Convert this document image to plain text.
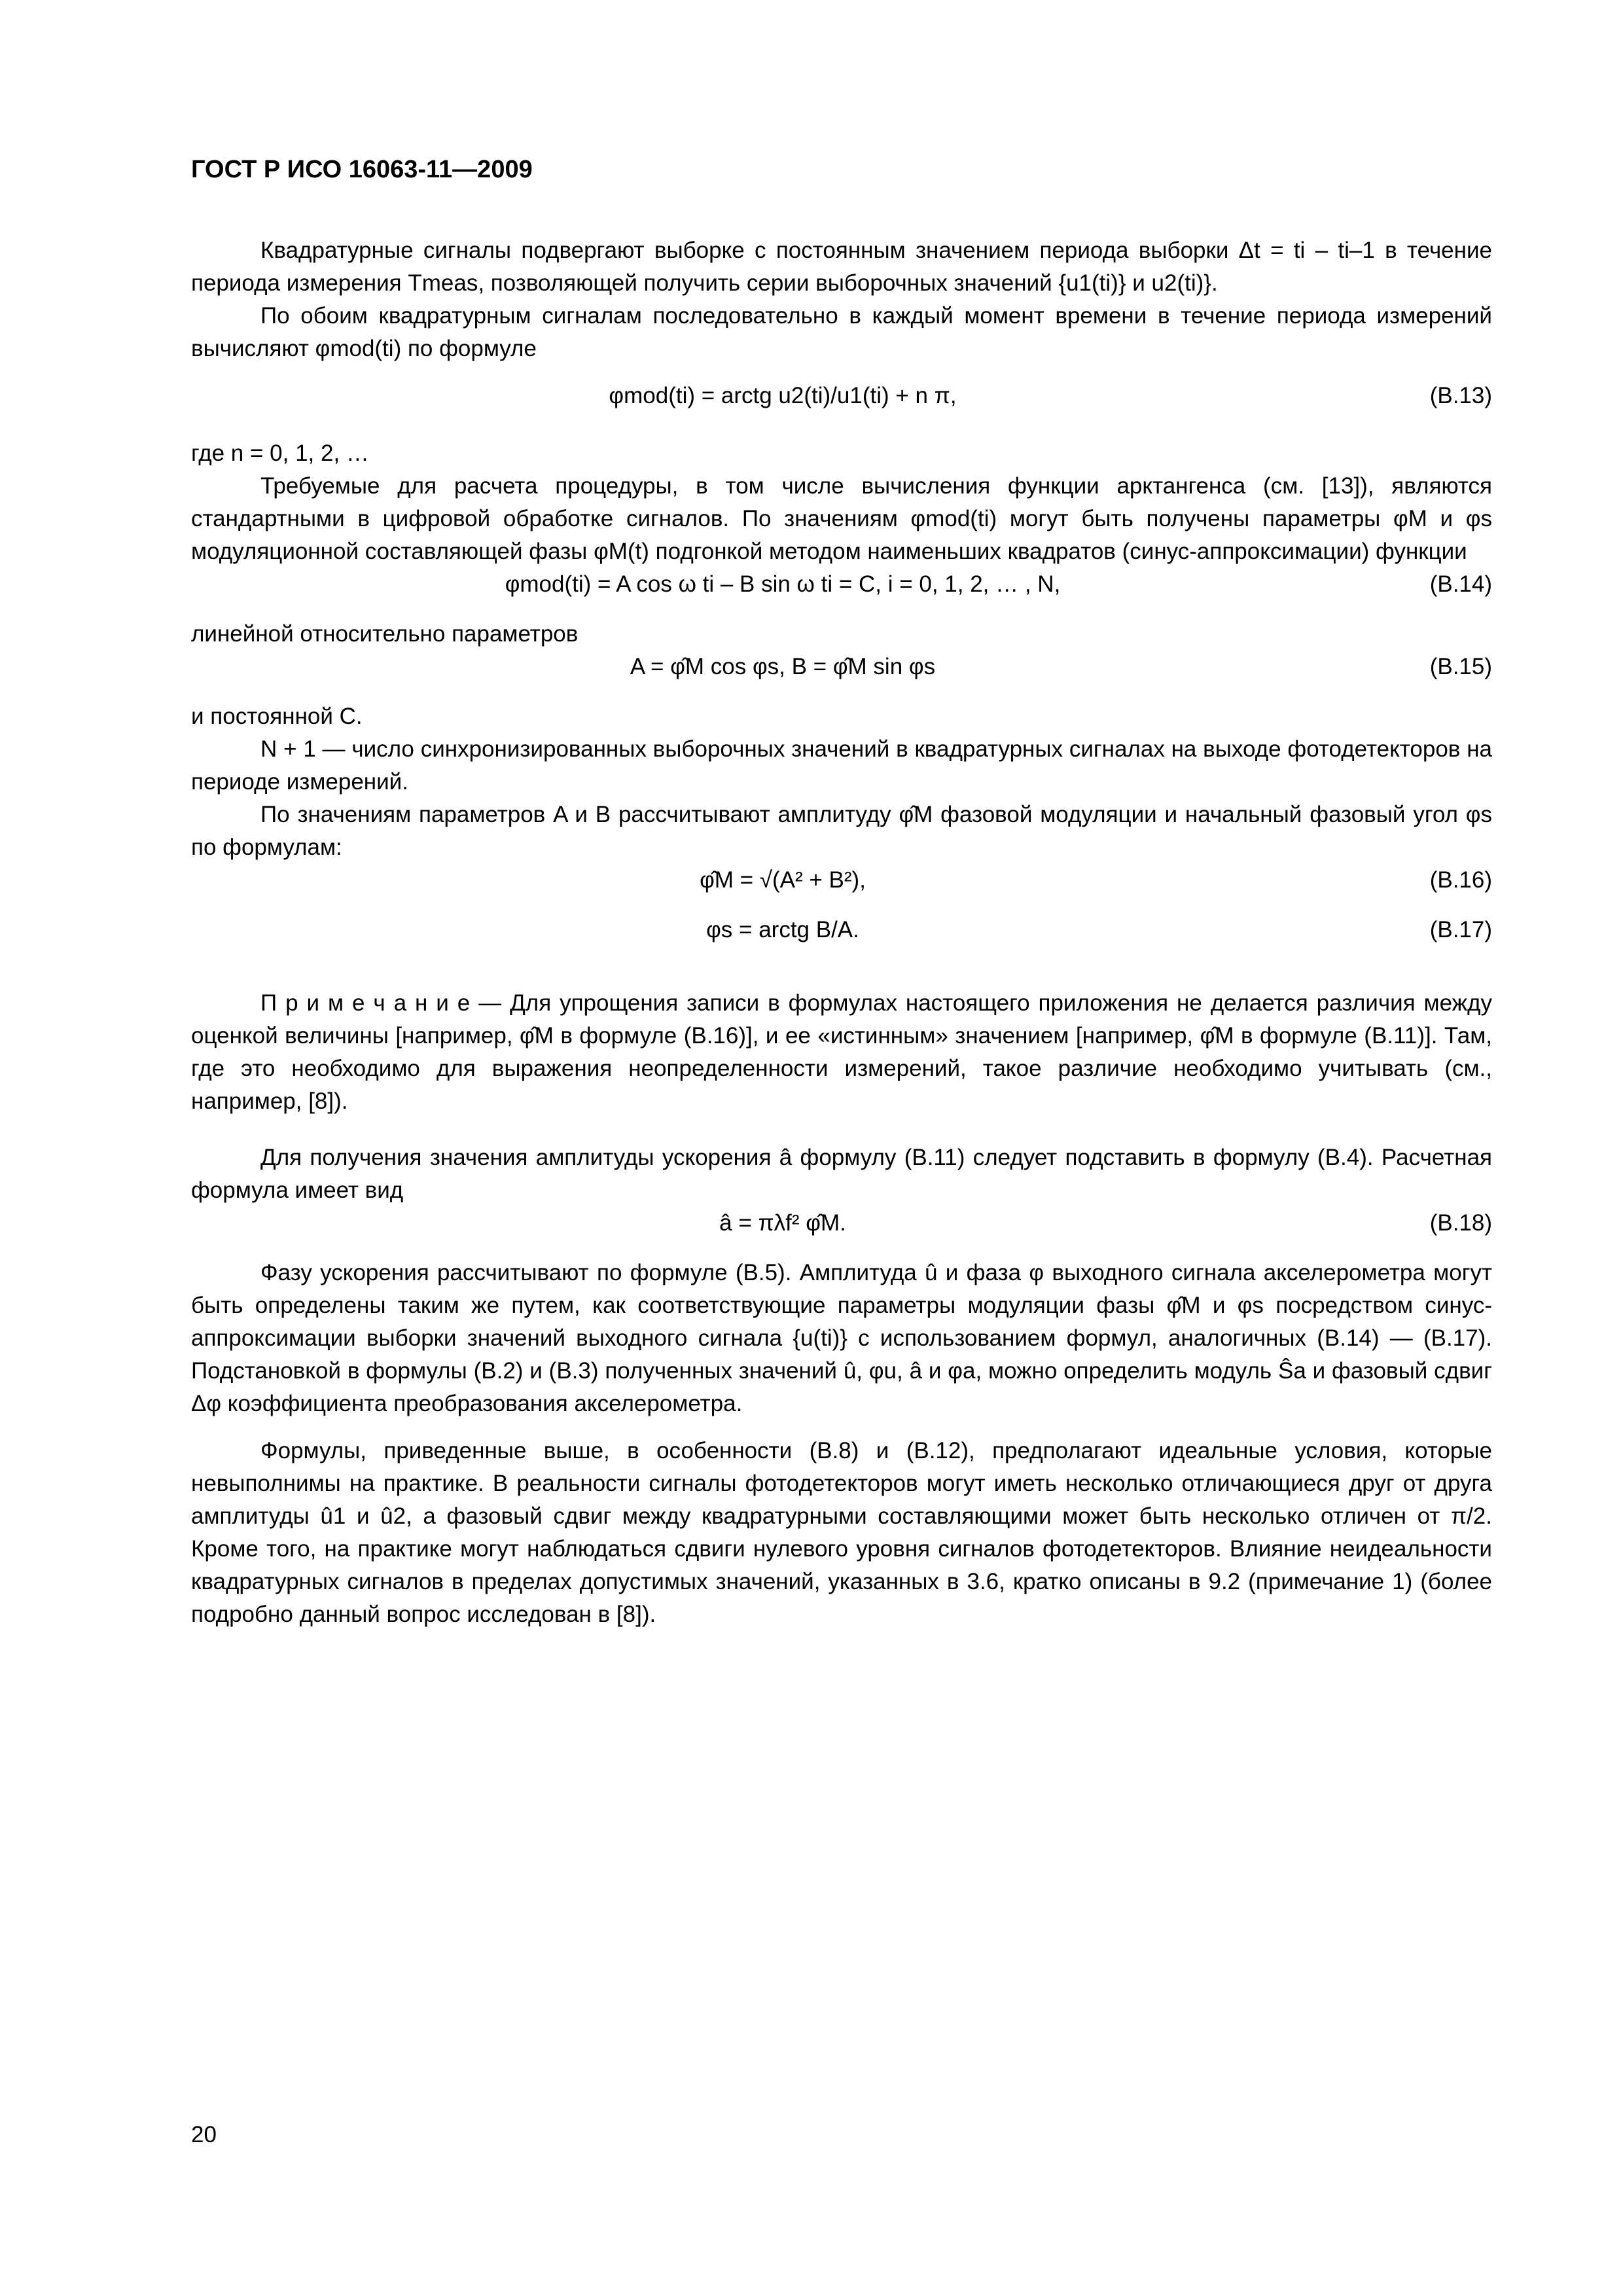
ГОСТ Р ИСО 16063-11—2009

Квадратурные сигналы подвергают выборке с постоянным значением периода выборки Δt = ti – ti–1 в течение периода измерения Tmeas, позволяющей получить серии выборочных значений {u1(ti)} и u2(ti)}.

По обоим квадратурным сигналам последовательно в каждый момент времени в течение периода измерений вычисляют φmod(ti) по формуле

φmod(ti) = arctg u2(ti)/u1(ti) + n π,	(В.13)

где n = 0, 1, 2, …

Требуемые для расчета процедуры, в том числе вычисления функции арктангенса (см. [13]), являются стандартными в цифровой обработке сигналов. По значениям φmod(ti) могут быть получены параметры φM и φs модуляционной составляющей фазы φM(t) подгонкой методом наименьших квадратов (синус-аппроксимации) функции

φmod(ti) = A cos ω ti – B sin ω ti = C, i = 0, 1, 2, … , N,	(В.14)

линейной относительно параметров

A = φ̂M cos φs, B = φ̂M sin φs	(В.15)

и постоянной C.

N + 1 — число синхронизированных выборочных значений в квадратурных сигналах на выходе фотодетекторов на периоде измерений.

По значениям параметров A и B рассчитывают амплитуду φ̂M фазовой модуляции и начальный фазовый угол φs по формулам:

φ̂M = √(A² + B²),	(В.16)
φs = arctg B/A.	(В.17)

П р и м е ч а н и е — Для упрощения записи в формулах настоящего приложения не делается различия между оценкой величины [например, φ̂M в формуле (В.16)], и ее «истинным» значением [например, φ̂M в формуле (В.11)]. Там, где это необходимо для выражения неопределенности измерений, такое различие необходимо учитывать (см., например, [8]).

Для получения значения амплитуды ускорения â формулу (В.11) следует подставить в формулу (В.4). Расчетная формула имеет вид

â = πλf² φ̂M.	(В.18)

Фазу ускорения рассчитывают по формуле (В.5). Амплитуда û и фаза φ выходного сигнала акселерометра могут быть определены таким же путем, как соответствующие параметры модуляции фазы φ̂M и φs посредством синус-аппроксимации выборки значений выходного сигнала {u(ti)} с использованием формул, аналогичных (В.14) — (В.17). Подстановкой в формулы (В.2) и (В.3) полученных значений û, φu, â и φa, можно определить модуль Ŝa и фазовый сдвиг Δφ коэффициента преобразования акселерометра.

Формулы, приведенные выше, в особенности (В.8) и (В.12), предполагают идеальные условия, которые невыполнимы на практике. В реальности сигналы фотодетекторов могут иметь несколько отличающиеся друг от друга амплитуды û1 и û2, а фазовый сдвиг между квадратурными составляющими может быть несколько отличен от π/2. Кроме того, на практике могут наблюдаться сдвиги нулевого уровня сигналов фотодетекторов. Влияние неидеальности квадратурных сигналов в пределах допустимых значений, указанных в 3.6, кратко описаны в 9.2 (примечание 1) (более подробно данный вопрос исследован в [8]).

20
